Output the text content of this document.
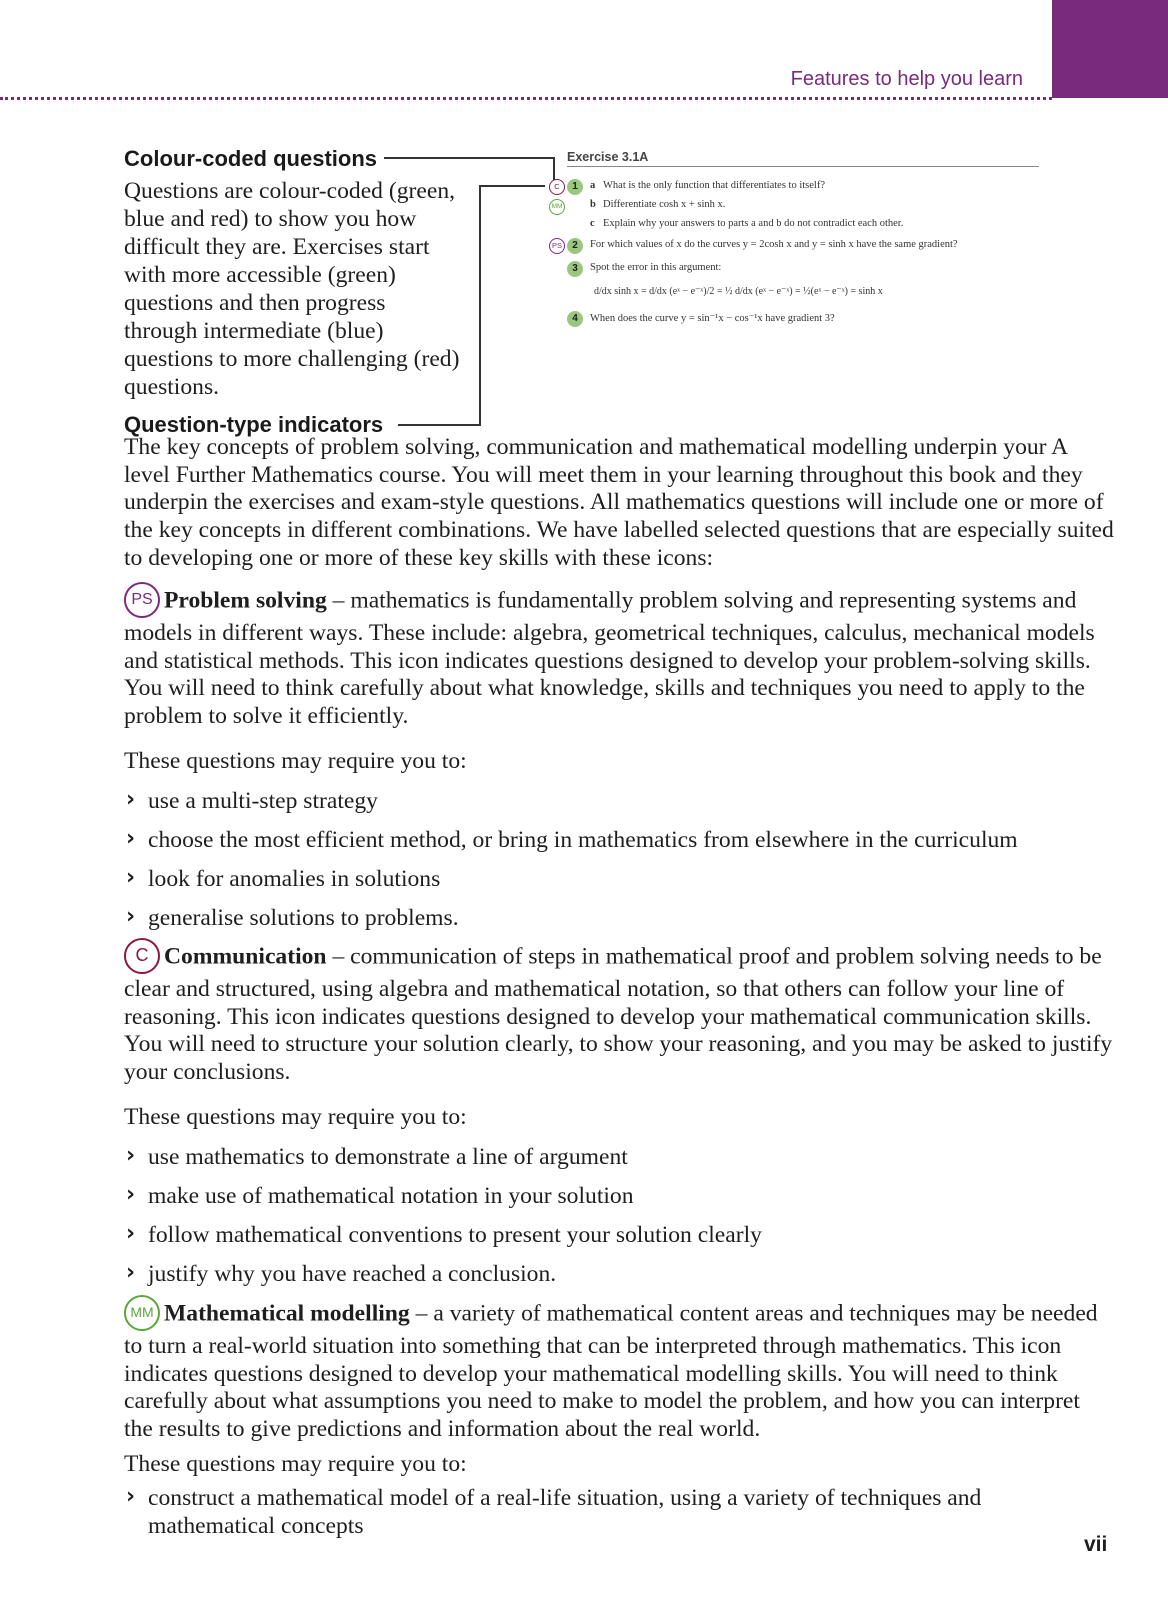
Features to help you learn
Colour-coded questions
Questions are colour-coded (green, blue and red) to show you how difficult they are. Exercises start with more accessible (green) questions and then progress through intermediate (blue) questions to more challenging (red) questions.
Question-type indicators
Exercise 3.1A
C	1	a What is the only function that differentiates to itself?
MM	b Differentiate cosh x + sinh x.
c Explain why your answers to parts a and b do not contradict each other.
PS	2	For which values of x do the curves y = 2cosh x and y = sinh x have the same gradient?
3	Spot the error in this argument:
d/dx sinh x = d/dx (eˣ − e⁻ˣ)/2 = ½ d/dx (eˣ − e⁻ˣ) = ½(eˣ − e⁻ˣ) = sinh x
4	When does the curve y = sin⁻¹x − cos⁻¹x have gradient 3?
The key concepts of problem solving, communication and mathematical modelling underpin your A level Further Mathematics course. You will meet them in your learning throughout this book and they underpin the exercises and exam-style questions. All mathematics questions will include one or more of the key concepts in different combinations. We have labelled selected questions that are especially suited to developing one or more of these key skills with these icons:
PS Problem solving – mathematics is fundamentally problem solving and representing systems and models in different ways. These include: algebra, geometrical techniques, calculus, mechanical models and statistical methods. This icon indicates questions designed to develop your problem-solving skills. You will need to think carefully about what knowledge, skills and techniques you need to apply to the problem to solve it efficiently.
These questions may require you to:
› use a multi-step strategy
› choose the most efficient method, or bring in mathematics from elsewhere in the curriculum
› look for anomalies in solutions
› generalise solutions to problems.
C Communication – communication of steps in mathematical proof and problem solving needs to be clear and structured, using algebra and mathematical notation, so that others can follow your line of reasoning. This icon indicates questions designed to develop your mathematical communication skills. You will need to structure your solution clearly, to show your reasoning, and you may be asked to justify your conclusions.
These questions may require you to:
› use mathematics to demonstrate a line of argument
› make use of mathematical notation in your solution
› follow mathematical conventions to present your solution clearly
› justify why you have reached a conclusion.
MM Mathematical modelling – a variety of mathematical content areas and techniques may be needed to turn a real-world situation into something that can be interpreted through mathematics. This icon indicates questions designed to develop your mathematical modelling skills. You will need to think carefully about what assumptions you need to make to model the problem, and how you can interpret the results to give predictions and information about the real world.
These questions may require you to:
› construct a mathematical model of a real-life situation, using a variety of techniques and mathematical concepts
vii
